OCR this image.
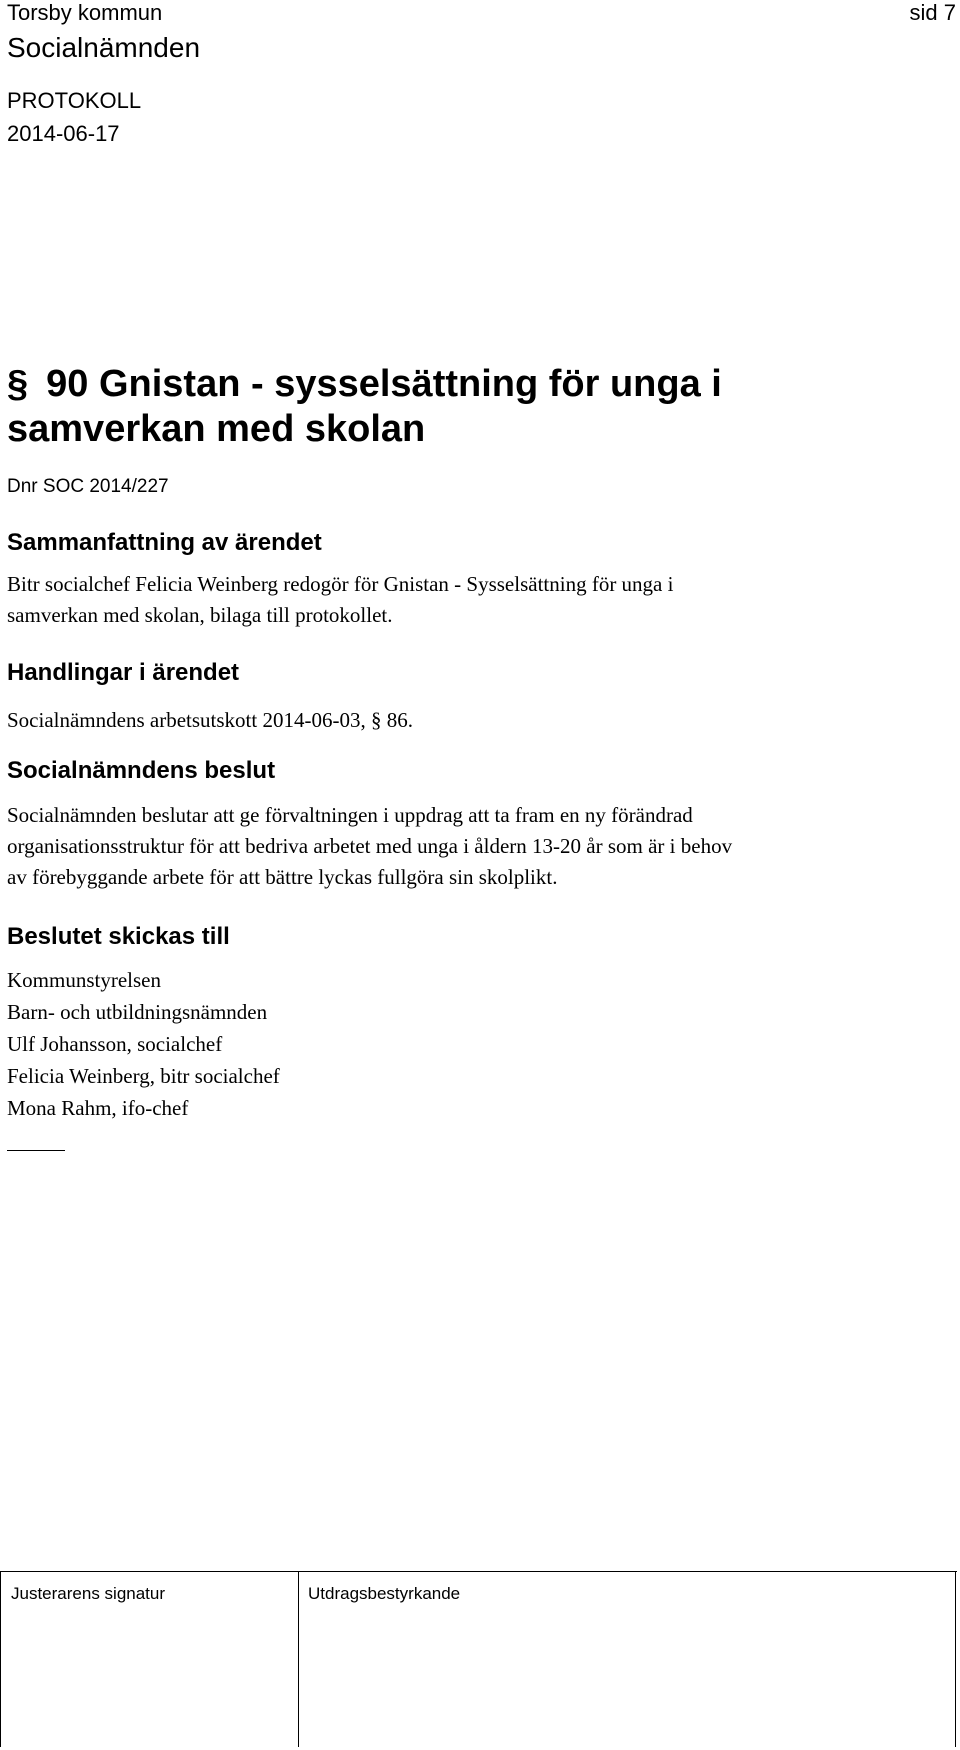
Torsby kommun	sid 7
Socialnämnden
PROTOKOLL
2014-06-17
§ 90 Gnistan - sysselsättning för unga i
samverkan med skolan
Dnr SOC 2014/227
Sammanfattning av ärendet
Bitr socialchef Felicia Weinberg redogör för Gnistan - Sysselsättning för unga i
samverkan med skolan, bilaga till protokollet.
Handlingar i ärendet
Socialnämndens arbetsutskott 2014-06-03, § 86.
Socialnämndens beslut
Socialnämnden beslutar att ge förvaltningen i uppdrag att ta fram en ny förändrad
organisationsstruktur för att bedriva arbetet med unga i åldern 13-20 år som är i behov
av förebyggande arbete för att bättre lyckas fullgöra sin skolplikt.
Beslutet skickas till
Kommunstyrelsen
Barn- och utbildningsnämnden
Ulf Johansson, socialchef
Felicia Weinberg, bitr socialchef
Mona Rahm, ifo-chef
Justerarens signatur	Utdragsbestyrkande
